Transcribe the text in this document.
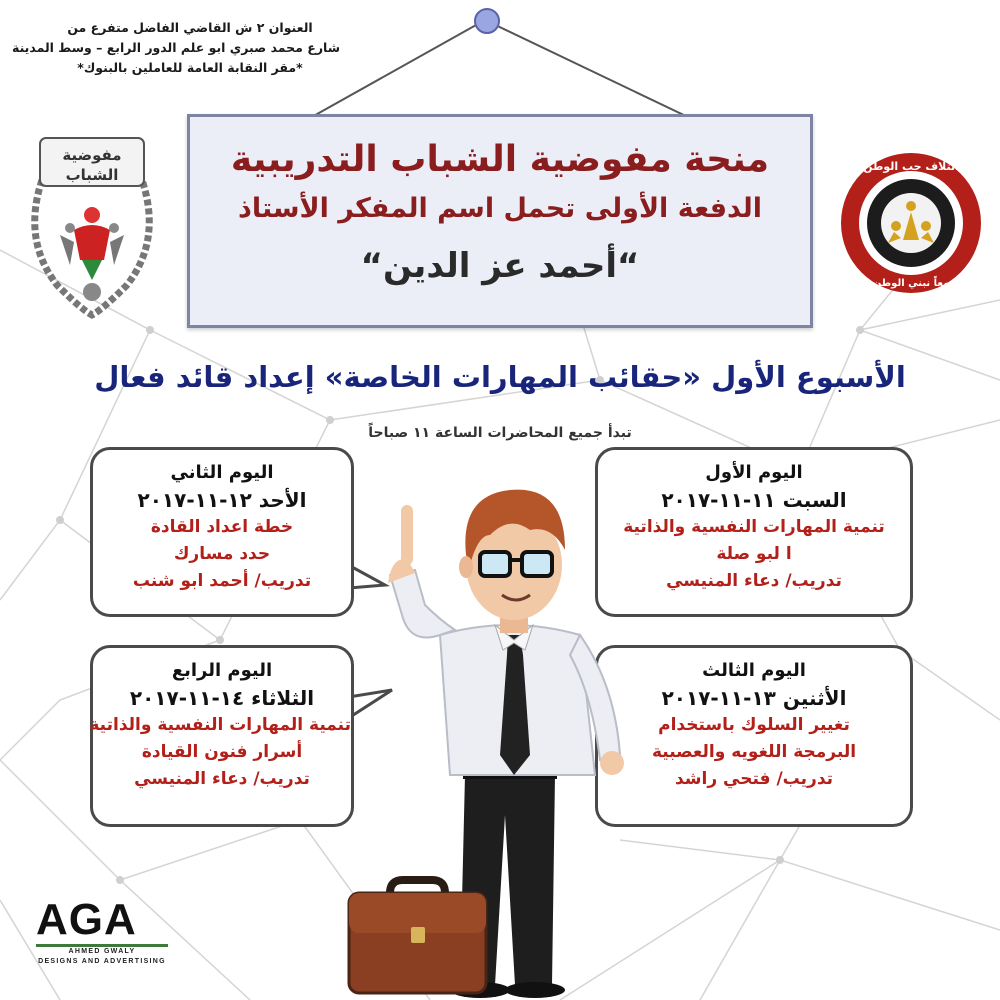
العنوان ٢ ش القاضي الفاضل متفرع من
شارع محمد صبري ابو علم الدور الرابع – وسط المدينة
*مقر النقابة العامة للعاملين بالبنوك*
منحة مفوضية الشباب التدريبية
الدفعة الأولى تحمل اسم المفكر الأستاذ
“أحمد عز الدين“
مفوضية
الشباب	ائتلاف حب الوطن
معاً نبني الوطن
الأسبوع الأول «حقائب المهارات الخاصة» إعداد قائد فعال
تبدأ جميع المحاضرات الساعة ١١ صباحاً
اليوم الأول
السبت ١١-١١-٢٠١٧
تنمية المهارات النفسية والذاتية
ا لبو صلة
تدريب/ دعاء المنيسي
اليوم الثاني
الأحد ١٢-١١-٢٠١٧
خطة اعداد القادة
حدد مسارك
تدريب/ أحمد ابو شنب
اليوم الثالث
الأثنين ١٣-١١-٢٠١٧
تغيير السلوك باستخدام
البرمجة اللغويه والعصبية
تدريب/ فتحي راشد
اليوم الرابع
الثلاثاء ١٤-١١-٢٠١٧
تنمية المهارات النفسية والذاتية
أسرار فنون القيادة
تدريب/ دعاء المنيسي
AGA
AHMED GWALY
DESIGNS AND ADVERTISING
